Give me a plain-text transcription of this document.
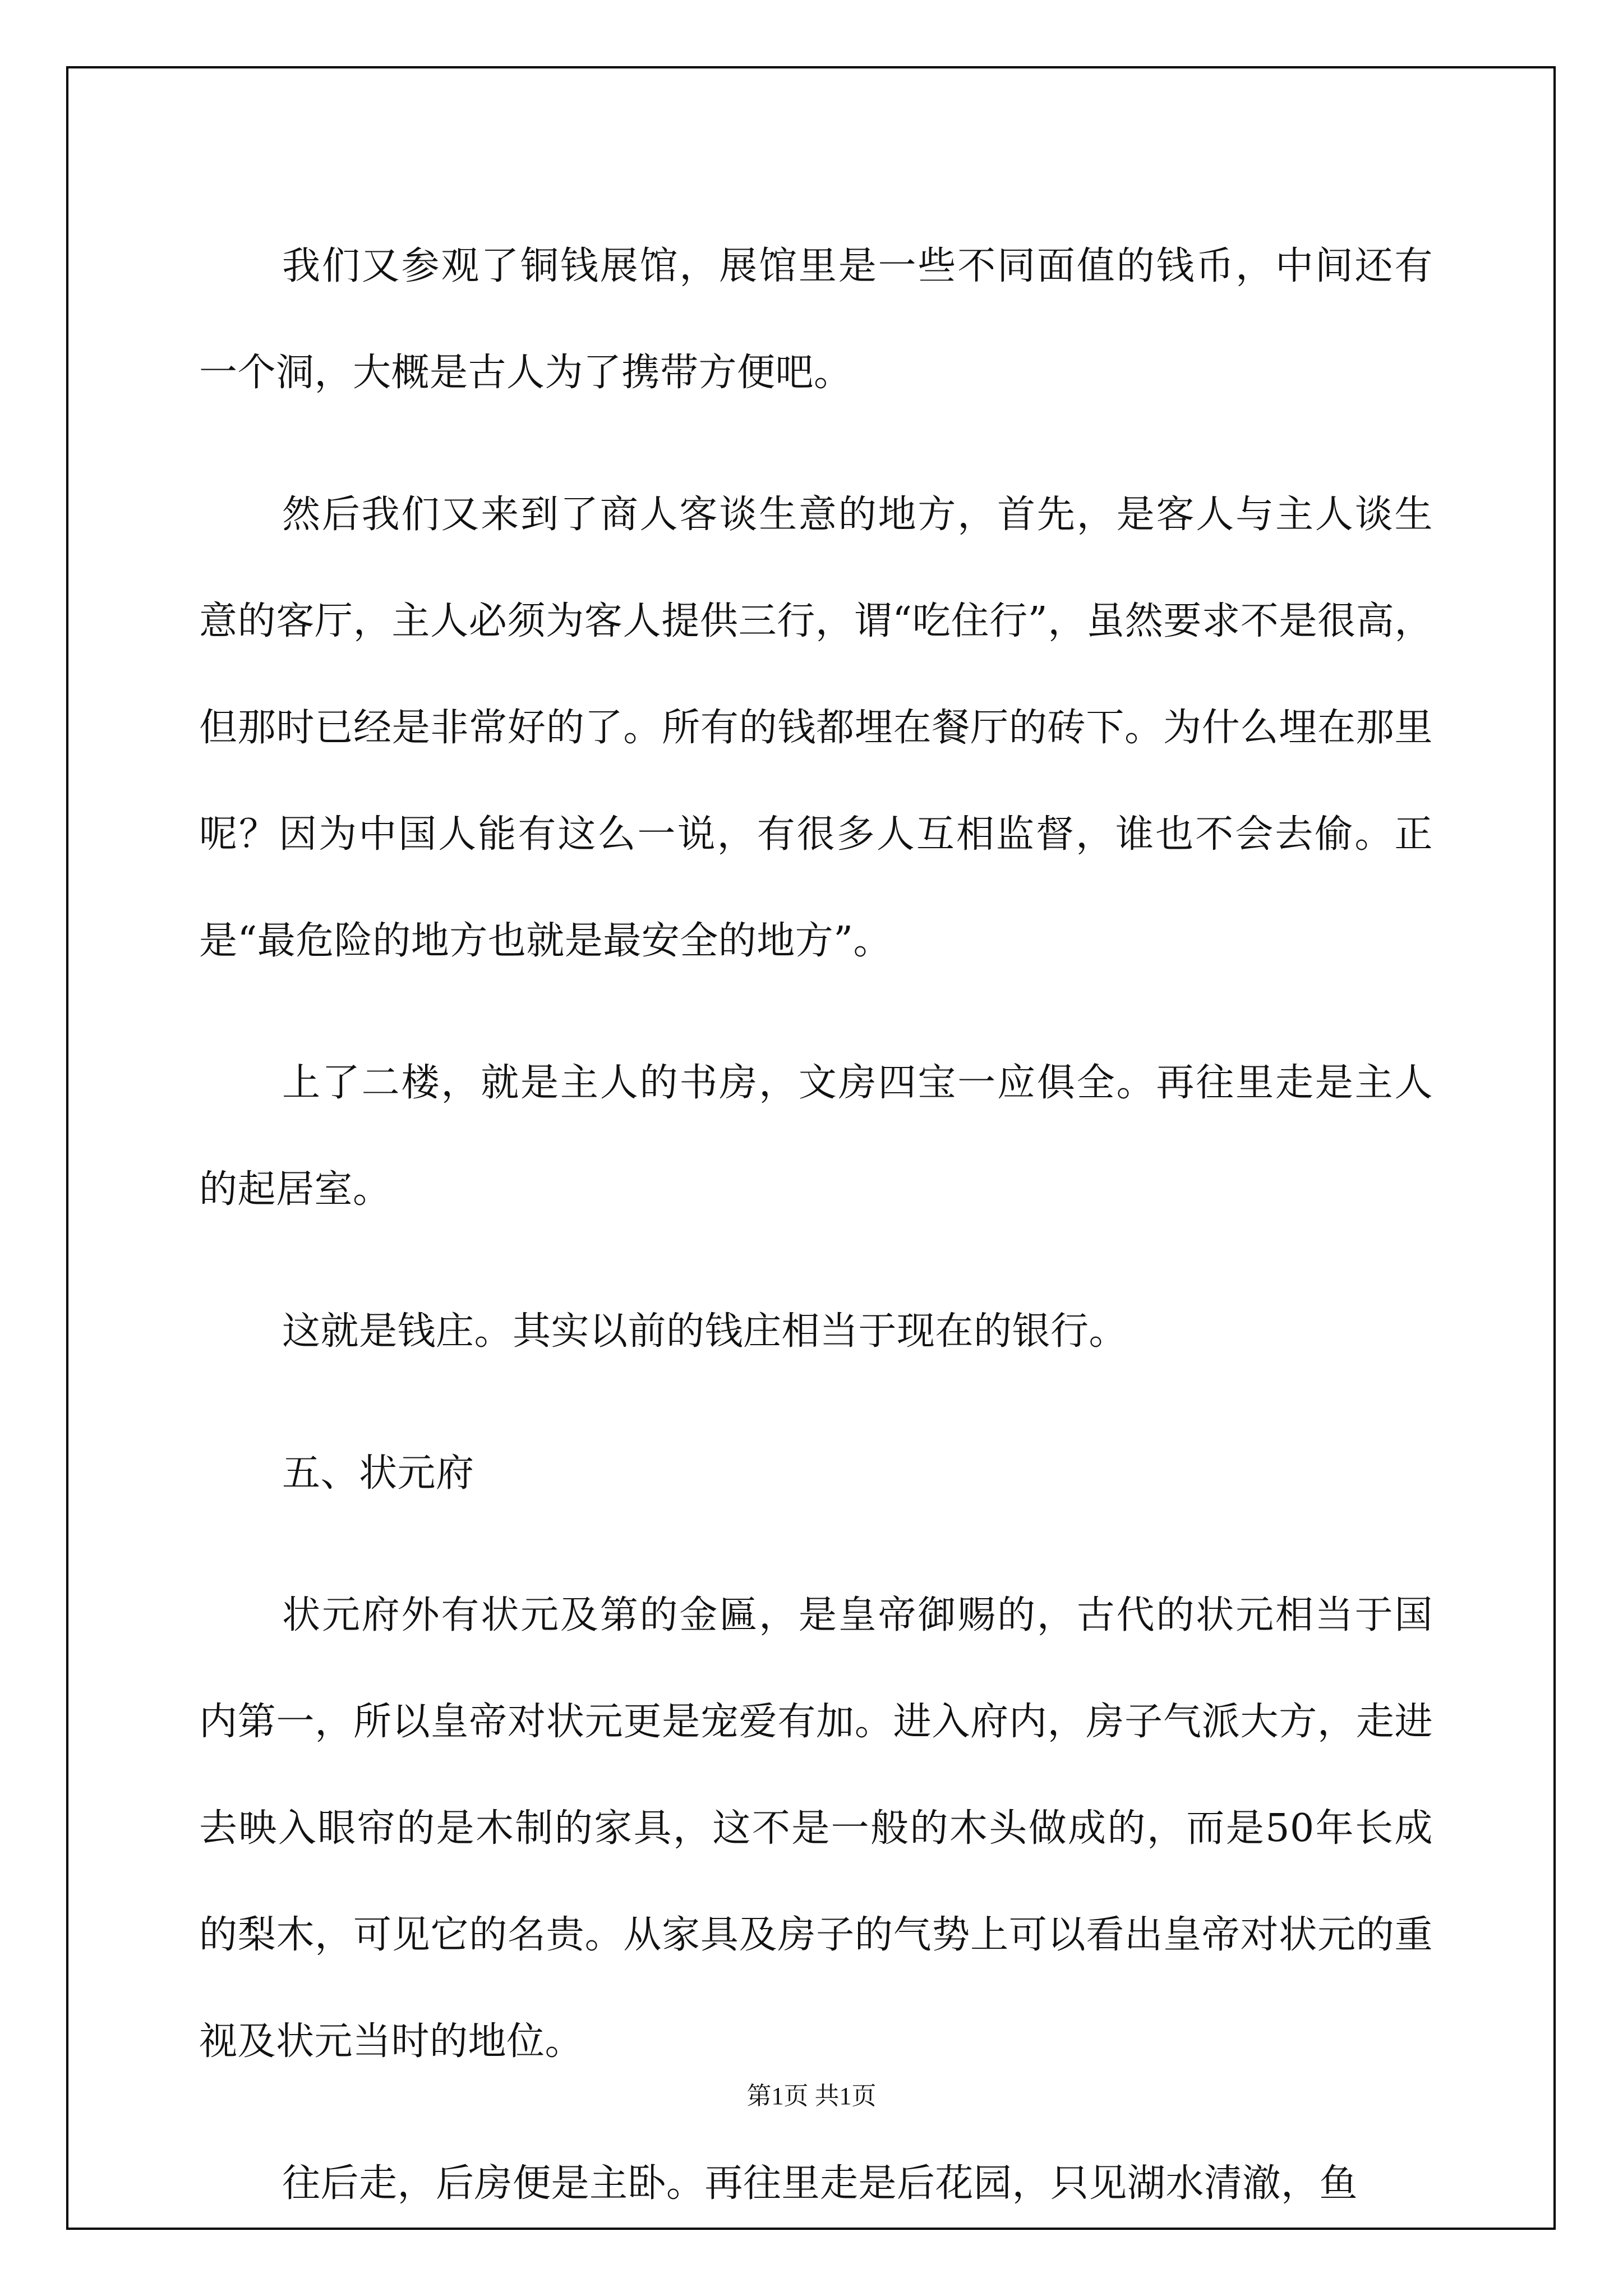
我们又参观了铜钱展馆，展馆里是一些不同面值的钱币，中间还有一个洞，大概是古人为了携带方便吧。

然后我们又来到了商人客谈生意的地方，首先，是客人与主人谈生意的客厅，主人必须为客人提供三行，谓“吃住行”，虽然要求不是很高，但那时已经是非常好的了。所有的钱都埋在餐厅的砖下。为什么埋在那里呢？因为中国人能有这么一说，有很多人互相监督，谁也不会去偷。正是“最危险的地方也就是最安全的地方”。

上了二楼，就是主人的书房，文房四宝一应俱全。再往里走是主人的起居室。

这就是钱庄。其实以前的钱庄相当于现在的银行。

五、状元府

状元府外有状元及第的金匾，是皇帝御赐的，古代的状元相当于国内第一，所以皇帝对状元更是宠爱有加。进入府内，房子气派大方，走进去映入眼帘的是木制的家具，这不是一般的木头做成的，而是50年长成的梨木，可见它的名贵。从家具及房子的气势上可以看出皇帝对状元的重视及状元当时的地位。

往后走，后房便是主卧。再往里走是后花园，只见湖水清澈，鱼

第1页 共1页
